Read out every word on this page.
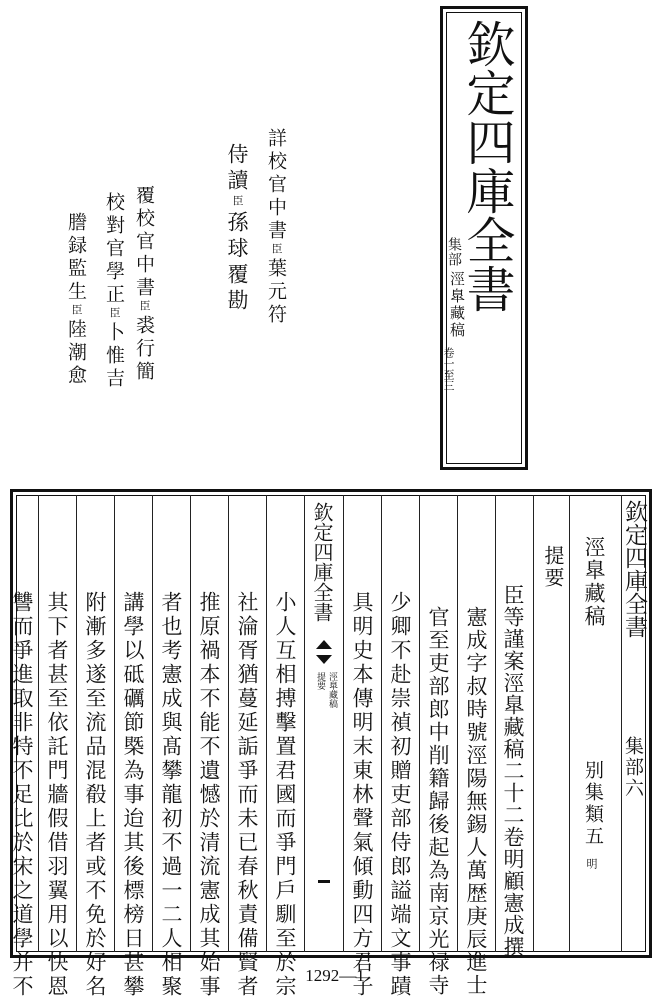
欽定四庫全書
集部
涇臯藏稿
卷一至三
詳校官中書臣葉元符
侍讀臣孫球覆勘
覆校官中書臣裘行簡
校對官學正臣卜惟吉
謄録監生臣陸潮愈
欽定四庫全書
集部六
涇臯藏稿
别集類五
明
提要
臣等謹案涇臯藏稿二十二卷明顧憲成撰
憲成字叔時號涇陽無錫人萬歴庚辰進士
官至吏部郎中削籍歸後起為南京光禄寺
少卿不赴崇禎初贈吏部侍郎謚端文事蹟
具明史本傳明末東林聲氣傾動四方君子
小人互相搏擊置君國而爭門戶馴至於宗
社淪胥猶蔓延詬爭而未已春秋責備賢者
推原禍本不能不遺憾於清流憲成其始事
者也考憲成與髙攀龍初不過一二人相聚
講學以砥礪節槩為事迨其後標榜日甚攀
附漸多遂至流品混殽上者或不免於好名
其下者甚至依託門牆假借羽翼用以快恩
讐而爭進取非特不足比於宋之道學并不
欽定四庫全書
涇臯藏稿
提要
1292—1
